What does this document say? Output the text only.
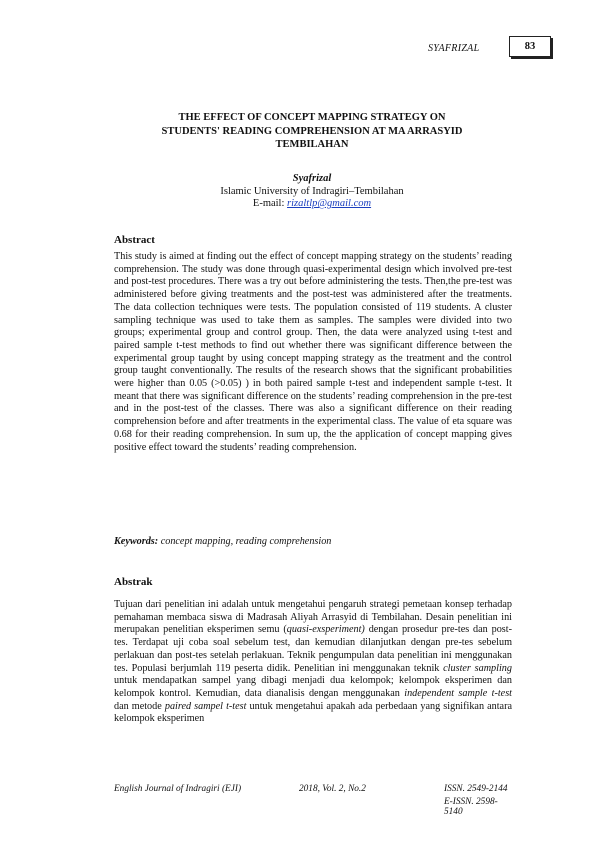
SYAFRIZAL	83
THE EFFECT OF CONCEPT MAPPING STRATEGY ON
STUDENTS' READING COMPREHENSION AT MA ARRASYID
TEMBILAHAN
Syafrizal
Islamic University of Indragiri–Tembilahan
E-mail: rizaltlp@gmail.com
Abstract
This study is aimed at finding out the effect of concept mapping strategy on the students’ reading comprehension. The study was done through quasi-experimental design which involved pre-test and post-test procedures. There was a try out before administering the tests. Then,the pre-test was administered before giving treatments and the post-test was administered after the treatments. The data collection techniques were tests. The population consisted of 119 students. A cluster sampling technique was used to take them as samples. The samples were divided into two groups; experimental group and control group. Then, the data were analyzed using t-test and paired sample t-test methods to find out whether there was significant difference between the experimental group taught by using concept mapping strategy as the treatment and the control group taught conventionally. The results of the research shows that the significant probabilities were higher than 0.05 (>0.05) ) in both paired sample t-test and independent sample t-test. It meant that there was significant difference on the students’ reading comprehension in the pre-test and in the post-test of the classes. There was also a significant difference on their reading comprehension before and after treatments in the experimental class. The value of eta square was 0.68 for their reading comprehension. In sum up, the the application of concept mapping gives positive effect toward the students’ reading comprehension.
Keywords: concept mapping, reading comprehension
Abstrak
Tujuan dari penelitian ini adalah untuk mengetahui pengaruh strategi pemetaan konsep terhadap pemahaman membaca siswa di Madrasah Aliyah Arrasyid di Tembilahan. Desain penelitian ini merupakan penelitian eksperimen semu (quasi-exsperiment) dengan prosedur pre-tes dan post-tes. Terdapat uji coba soal sebelum test, dan kemudian dilanjutkan dengan pre-tes sebelum perlakuan dan post-tes setelah perlakuan. Teknik pengumpulan data penelitian ini menggunakan tes. Populasi berjumlah 119 peserta didik. Penelitian ini menggunakan teknik cluster sampling untuk mendapatkan sampel yang dibagi menjadi dua kelompok; kelompok eksperimen dan kelompok kontrol. Kemudian, data dianalisis dengan menggunakan independent sample t-test dan metode paired sampel t-test untuk mengetahui apakah ada perbedaan yang signifikan antara kelompok eksperimen
English Journal of Indragiri (EJI)	2018, Vol. 2, No.2	ISSN. 2549-2144
E-ISSN. 2598-5140
